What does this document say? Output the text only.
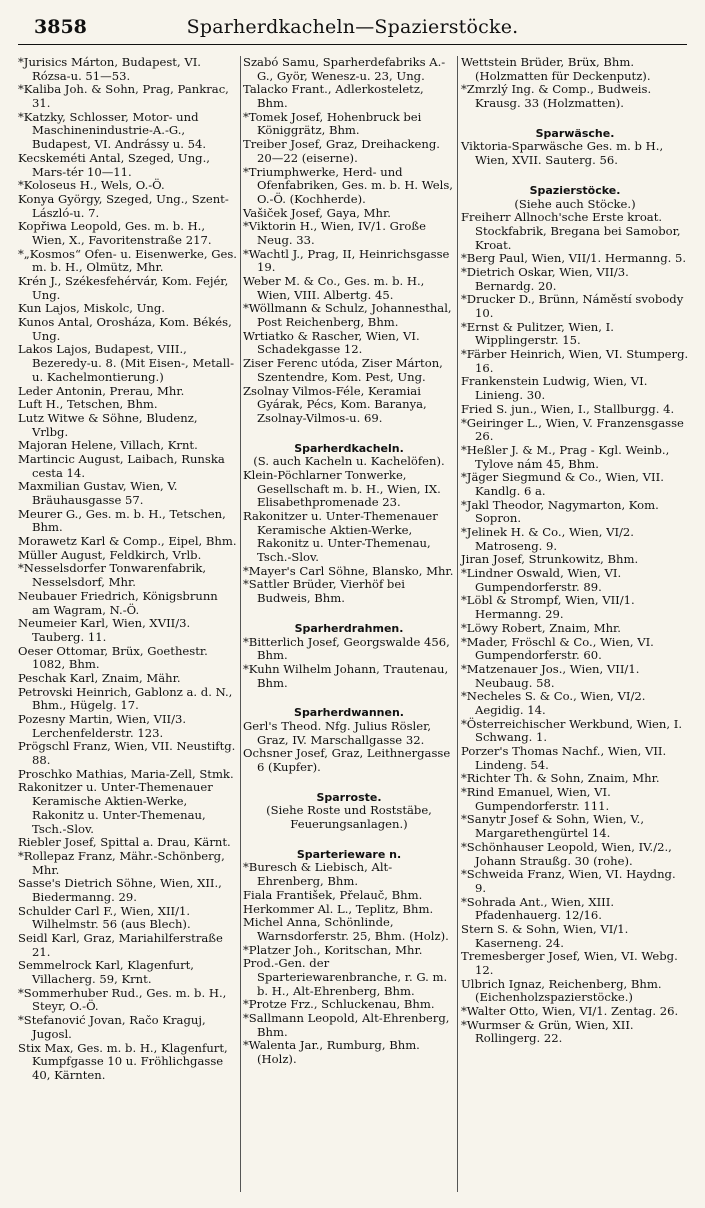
3858	Sparherdkacheln—Spazierstöcke.
*Jurisics Márton, Budapest, VI. Rózsa-u. 51—53.
*Kaliba Joh. & Sohn, Prag, Pankrac, 31.
*Katzky, Schlosser, Motor- und Maschinenindustrie-A.-G., Budapest, VI. Andrássy u. 54.
Kecskeméti Antal, Szeged, Ung., Mars-tér 10—11.
*Koloseus H., Wels, O.-Ö.
Konya György, Szeged, Ung., Szent-László-u. 7.
Kopřiwa Leopold, Ges. m. b. H., Wien, X., Favoritenstraße 217.
*„Kosmos“ Ofen- u. Eisenwerke, Ges. m. b. H., Olmütz, Mhr.
Krén J., Székesfehérvár, Kom. Fejér, Ung.
Kun Lajos, Miskolc, Ung.
Kunos Antal, Orosháza, Kom. Békés, Ung.
Lakos Lajos, Budapest, VIII., Bezeredy-u. 8. (Mit Eisen-, Metall- u. Kachelmontierung.)
Leder Antonin, Prerau, Mhr.
Luft H., Tetschen, Bhm.
Lutz Witwe & Söhne, Bludenz, Vrlbg.
Majoran Helene, Villach, Krnt.
Martincic August, Laibach, Runska cesta 14.
Maxmilian Gustav, Wien, V. Bräuhausgasse 57.
Meurer G., Ges. m. b. H., Tetschen, Bhm.
Morawetz Karl & Comp., Eipel, Bhm.
Müller August, Feldkirch, Vrlb.
*Nesselsdorfer Tonwarenfabrik, Nesselsdorf, Mhr.
Neubauer Friedrich, Königsbrunn am Wagram, N.-Ö.
Neumeier Karl, Wien, XVII/3. Tauberg. 11.
Oeser Ottomar, Brüx, Goethestr. 1082, Bhm.
Peschak Karl, Znaim, Mähr.
Petrovski Heinrich, Gablonz a. d. N., Bhm., Hügelg. 17.
Pozesny Martin, Wien, VII/3. Lerchenfelderstr. 123.
Prögschl Franz, Wien, VII. Neustiftg. 88.
Proschko Mathias, Maria-Zell, Stmk.
Rakonitzer u. Unter-Themenauer Keramische Aktien-Werke, Rakonitz u. Unter-Themenau, Tsch.-Slov.
Riebler Josef, Spittal a. Drau, Kärnt.
*Rollepaz Franz, Mähr.-Schönberg, Mhr.
Sasse's Dietrich Söhne, Wien, XII., Biedermanng. 29.
Schulder Carl F., Wien, XII/1. Wilhelmstr. 56 (aus Blech).
Seidl Karl, Graz, Mariahilferstraße 21.
Semmelrock Karl, Klagenfurt, Villacherg. 59, Krnt.
*Sommerhuber Rud., Ges. m. b. H., Steyr, O.-Ö.
*Stefanović Jovan, Račo Kraguj, Jugosl.
Stix Max, Ges. m. b. H., Klagenfurt, Kumpfgasse 10 u. Fröhlichgasse 40, Kärnten.
Szabó Samu, Sparherdefabriks A.-G., Györ, Wenesz-u. 23, Ung.
Talacko Frant., Adlerkosteletz, Bhm.
*Tomek Josef, Hohenbruck bei Königgrätz, Bhm.
Treiber Josef, Graz, Dreihackeng. 20—22 (eiserne).
*Triumphwerke, Herd- und Ofenfabriken, Ges. m. b. H. Wels, O.-Ö. (Kochherde).
Vašiček Josef, Gaya, Mhr.
*Viktorin H., Wien, IV/1. Große Neug. 33.
*Wachtl J., Prag, II, Heinrichsgasse 19.
Weber M. & Co., Ges. m. b. H., Wien, VIII. Albertg. 45.
*Wöllmann & Schulz, Johannesthal, Post Reichenberg, Bhm.
Wrtiatko & Rascher, Wien, VI. Schadekgasse 12.
Ziser Ferenc utóda, Ziser Márton, Szentendre, Kom. Pest, Ung.
Zsolnay Vilmos-Féle, Keramiai Gyárak, Pécs, Kom. Baranya, Zsolnay-Vilmos-u. 69.
Sparherdkacheln.
(S. auch Kacheln u. Kachelöfen).
Klein-Pöchlarner Tonwerke, Gesellschaft m. b. H., Wien, IX. Elisabethpromenade 23.
Rakonitzer u. Unter-Themenauer Keramische Aktien-Werke, Rakonitz u. Unter-Themenau, Tsch.-Slov.
*Mayer's Carl Söhne, Blansko, Mhr.
*Sattler Brüder, Vierhöf bei Budweis, Bhm.
Sparherdrahmen.
*Bitterlich Josef, Georgswalde 456, Bhm.
*Kuhn Wilhelm Johann, Trautenau, Bhm.
Sparherdwannen.
Gerl's Theod. Nfg. Julius Rösler, Graz, IV. Marschallgasse 32.
Ochsner Josef, Graz, Leithnergasse 6 (Kupfer).
Sparroste.
(Siehe Roste und Roststäbe, Feuerungsanlagen.)
Sparterieware n.
*Buresch & Liebisch, Alt-Ehrenberg, Bhm.
Fiala František, Přelauč, Bhm.
Herkommer Al. L., Teplitz, Bhm.
Michel Anna, Schönlinde, Warnsdorferstr. 25, Bhm. (Holz).
*Platzer Joh., Koritschan, Mhr.
Prod.-Gen. der Sparteriewarenbranche, r. G. m. b. H., Alt-Ehrenberg, Bhm.
*Protze Frz., Schluckenau, Bhm.
*Sallmann Leopold, Alt-Ehrenberg, Bhm.
*Walenta Jar., Rumburg, Bhm. (Holz).
Wettstein Brüder, Brüx, Bhm. (Holzmatten für Deckenputz).
*Zmrzlý Ing. & Comp., Budweis. Krausg. 33 (Holzmatten).
Sparwäsche.
Viktoria-Sparwäsche Ges. m. b H., Wien, XVII. Sauterg. 56.
Spazierstöcke.
(Siehe auch Stöcke.)
Freiherr Allnoch'sche Erste kroat. Stockfabrik, Bregana bei Samobor, Kroat.
*Berg Paul, Wien, VII/1. Hermanng. 5.
*Dietrich Oskar, Wien, VII/3. Bernardg. 20.
*Drucker D., Brünn, Náměstí svobody 10.
*Ernst & Pulitzer, Wien, I. Wipplingerstr. 15.
*Färber Heinrich, Wien, VI. Stumperg. 16.
Frankenstein Ludwig, Wien, VI. Linieng. 30.
Fried S. jun., Wien, I., Stallburgg. 4.
*Geiringer L., Wien, V. Franzensgasse 26.
*Heßler J. & M., Prag - Kgl. Weinb., Tylove nám 45, Bhm.
*Jäger Siegmund & Co., Wien, VII. Kandlg. 6 a.
*Jakl Theodor, Nagymarton, Kom. Sopron.
*Jelinek H. & Co., Wien, VI/2. Matroseng. 9.
Jiran Josef, Strunkowitz, Bhm.
*Lindner Oswald, Wien, VI. Gumpendorferstr. 89.
*Löbl & Strompf, Wien, VII/1. Hermanng. 29.
*Löwy Robert, Znaim, Mhr.
*Mader, Fröschl & Co., Wien, VI. Gumpendorferstr. 60.
*Matzenauer Jos., Wien, VII/1. Neubaug. 58.
*Necheles S. & Co., Wien, VI/2. Aegidig. 14.
*Österreichischer Werkbund, Wien, I. Schwang. 1.
Porzer's Thomas Nachf., Wien, VII. Lindeng. 54.
*Richter Th. & Sohn, Znaim, Mhr.
*Rind Emanuel, Wien, VI. Gumpendorferstr. 111.
*Sanytr Josef & Sohn, Wien, V., Margarethengürtel 14.
*Schönhauser Leopold, Wien, IV./2., Johann Straußg. 30 (rohe).
*Schweida Franz, Wien, VI. Haydng. 9.
*Sohrada Ant., Wien, XIII. Pfadenhauerg. 12/16.
Stern S. & Sohn, Wien, VI/1. Kaserneng. 24.
Tremesberger Josef, Wien, VI. Webg. 12.
Ulbrich Ignaz, Reichenberg, Bhm. (Eichenholzspazierstöcke.)
*Walter Otto, Wien, VI/1. Zentag. 26.
*Wurmser & Grün, Wien, XII. Rollingerg. 22.
